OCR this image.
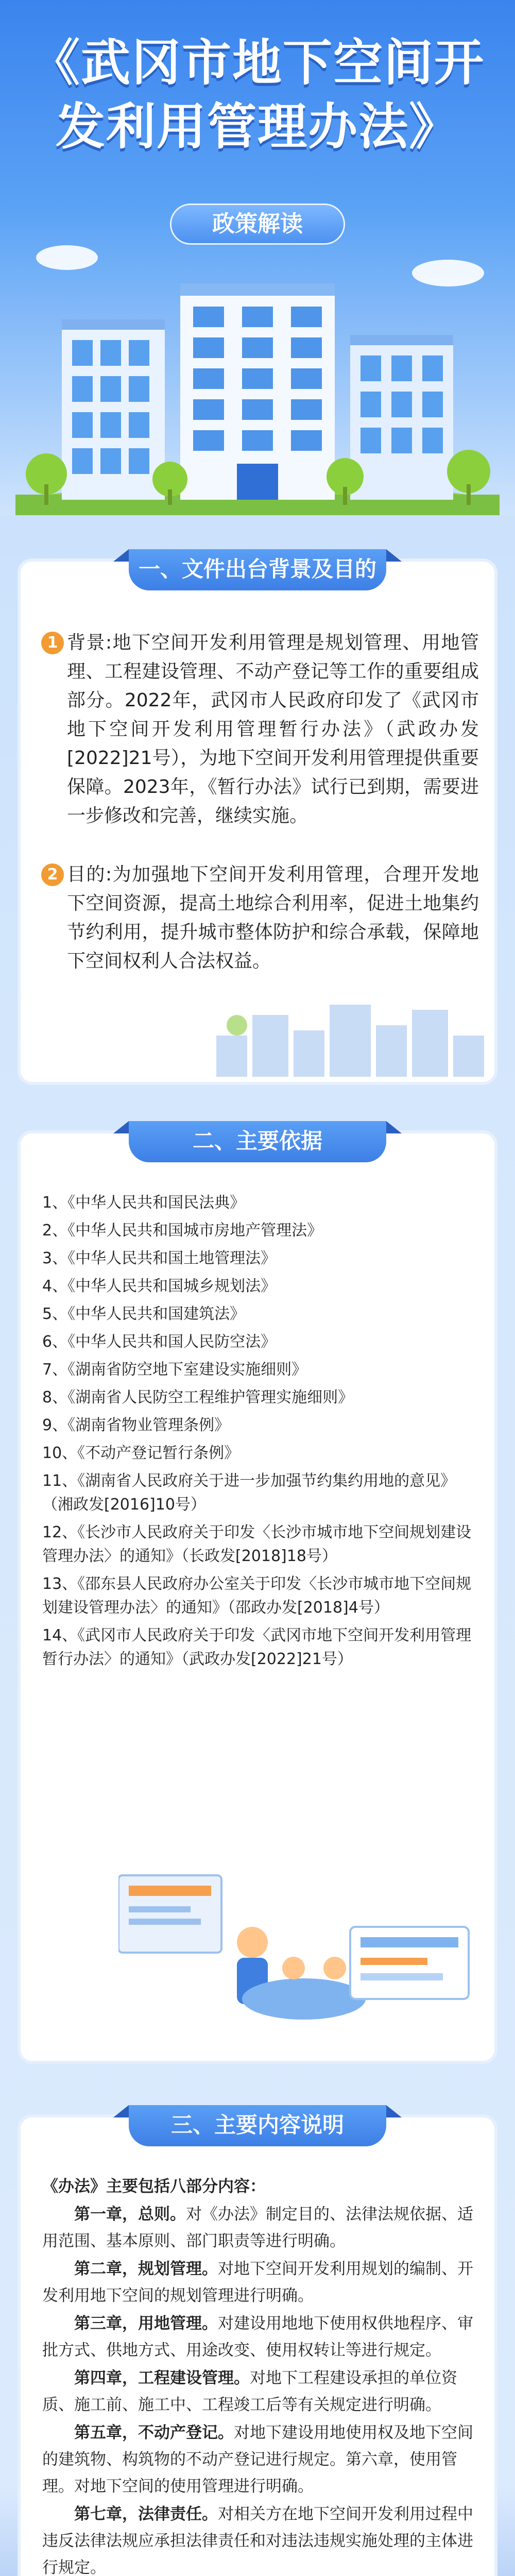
《武冈市地下空间开发利用管理办法》
政策解读
一、文件出台背景及目的
1 背景:地下空间开发利用管理是规划管理、用地管理、工程建设管理、不动产登记等工作的重要组成部分。2022年，武冈市人民政府印发了《武冈市地下空间开发利用管理暂行办法》（武政办发[2022]21号），为地下空间开发利用管理提供重要保障。2023年，《暂行办法》试行已到期，需要进一步修改和完善，继续实施。
2 目的:为加强地下空间开发利用管理，合理开发地下空间资源，提高土地综合利用率，促进土地集约节约利用，提升城市整体防护和综合承载，保障地下空间权利人合法权益。
二、主要依据
1、《中华人民共和国民法典》
2、《中华人民共和国城市房地产管理法》
3、《中华人民共和国土地管理法》
4、《中华人民共和国城乡规划法》
5、《中华人民共和国建筑法》
6、《中华人民共和国人民防空法》
7、《湖南省防空地下室建设实施细则》
8、《湖南省人民防空工程维护管理实施细则》
9、《湖南省物业管理条例》
10、《不动产登记暂行条例》
11、《湖南省人民政府关于进一步加强节约集约用地的意见》（湘政发[2016]10号）
12、《长沙市人民政府关于印发〈长沙市城市地下空间规划建设管理办法〉的通知》（长政发[2018]18号）
13、《邵东县人民政府办公室关于印发〈长沙市城市地下空间规划建设管理办法〉的通知》（邵政办发[2018]4号）
14、《武冈市人民政府关于印发〈武冈市地下空间开发利用管理暂行办法〉的通知》（武政办发[2022]21号）
三、主要内容说明

《办法》主要包括八部分内容：

第一章，总则。对《办法》制定目的、法律法规依据、适用范围、基本原则、部门职责等进行明确。

第二章，规划管理。对地下空间开发利用规划的编制、开发利用地下空间的规划管理进行明确。

第三章，用地管理。对建设用地地下使用权供地程序、审批方式、供地方式、用途改变、使用权转让等进行规定。

第四章，工程建设管理。对地下工程建设承担的单位资质、施工前、施工中、工程竣工后等有关规定进行明确。

第五章，不动产登记。对地下建设用地使用权及地下空间的建筑物、构筑物的不动产登记进行规定。第六章，使用管理。对地下空间的使用管理进行明确。

第七章，法律责任。对相关方在地下空间开发利用过程中违反法律法规应承担法律责任和对违法违规实施处理的主体进行规定。
